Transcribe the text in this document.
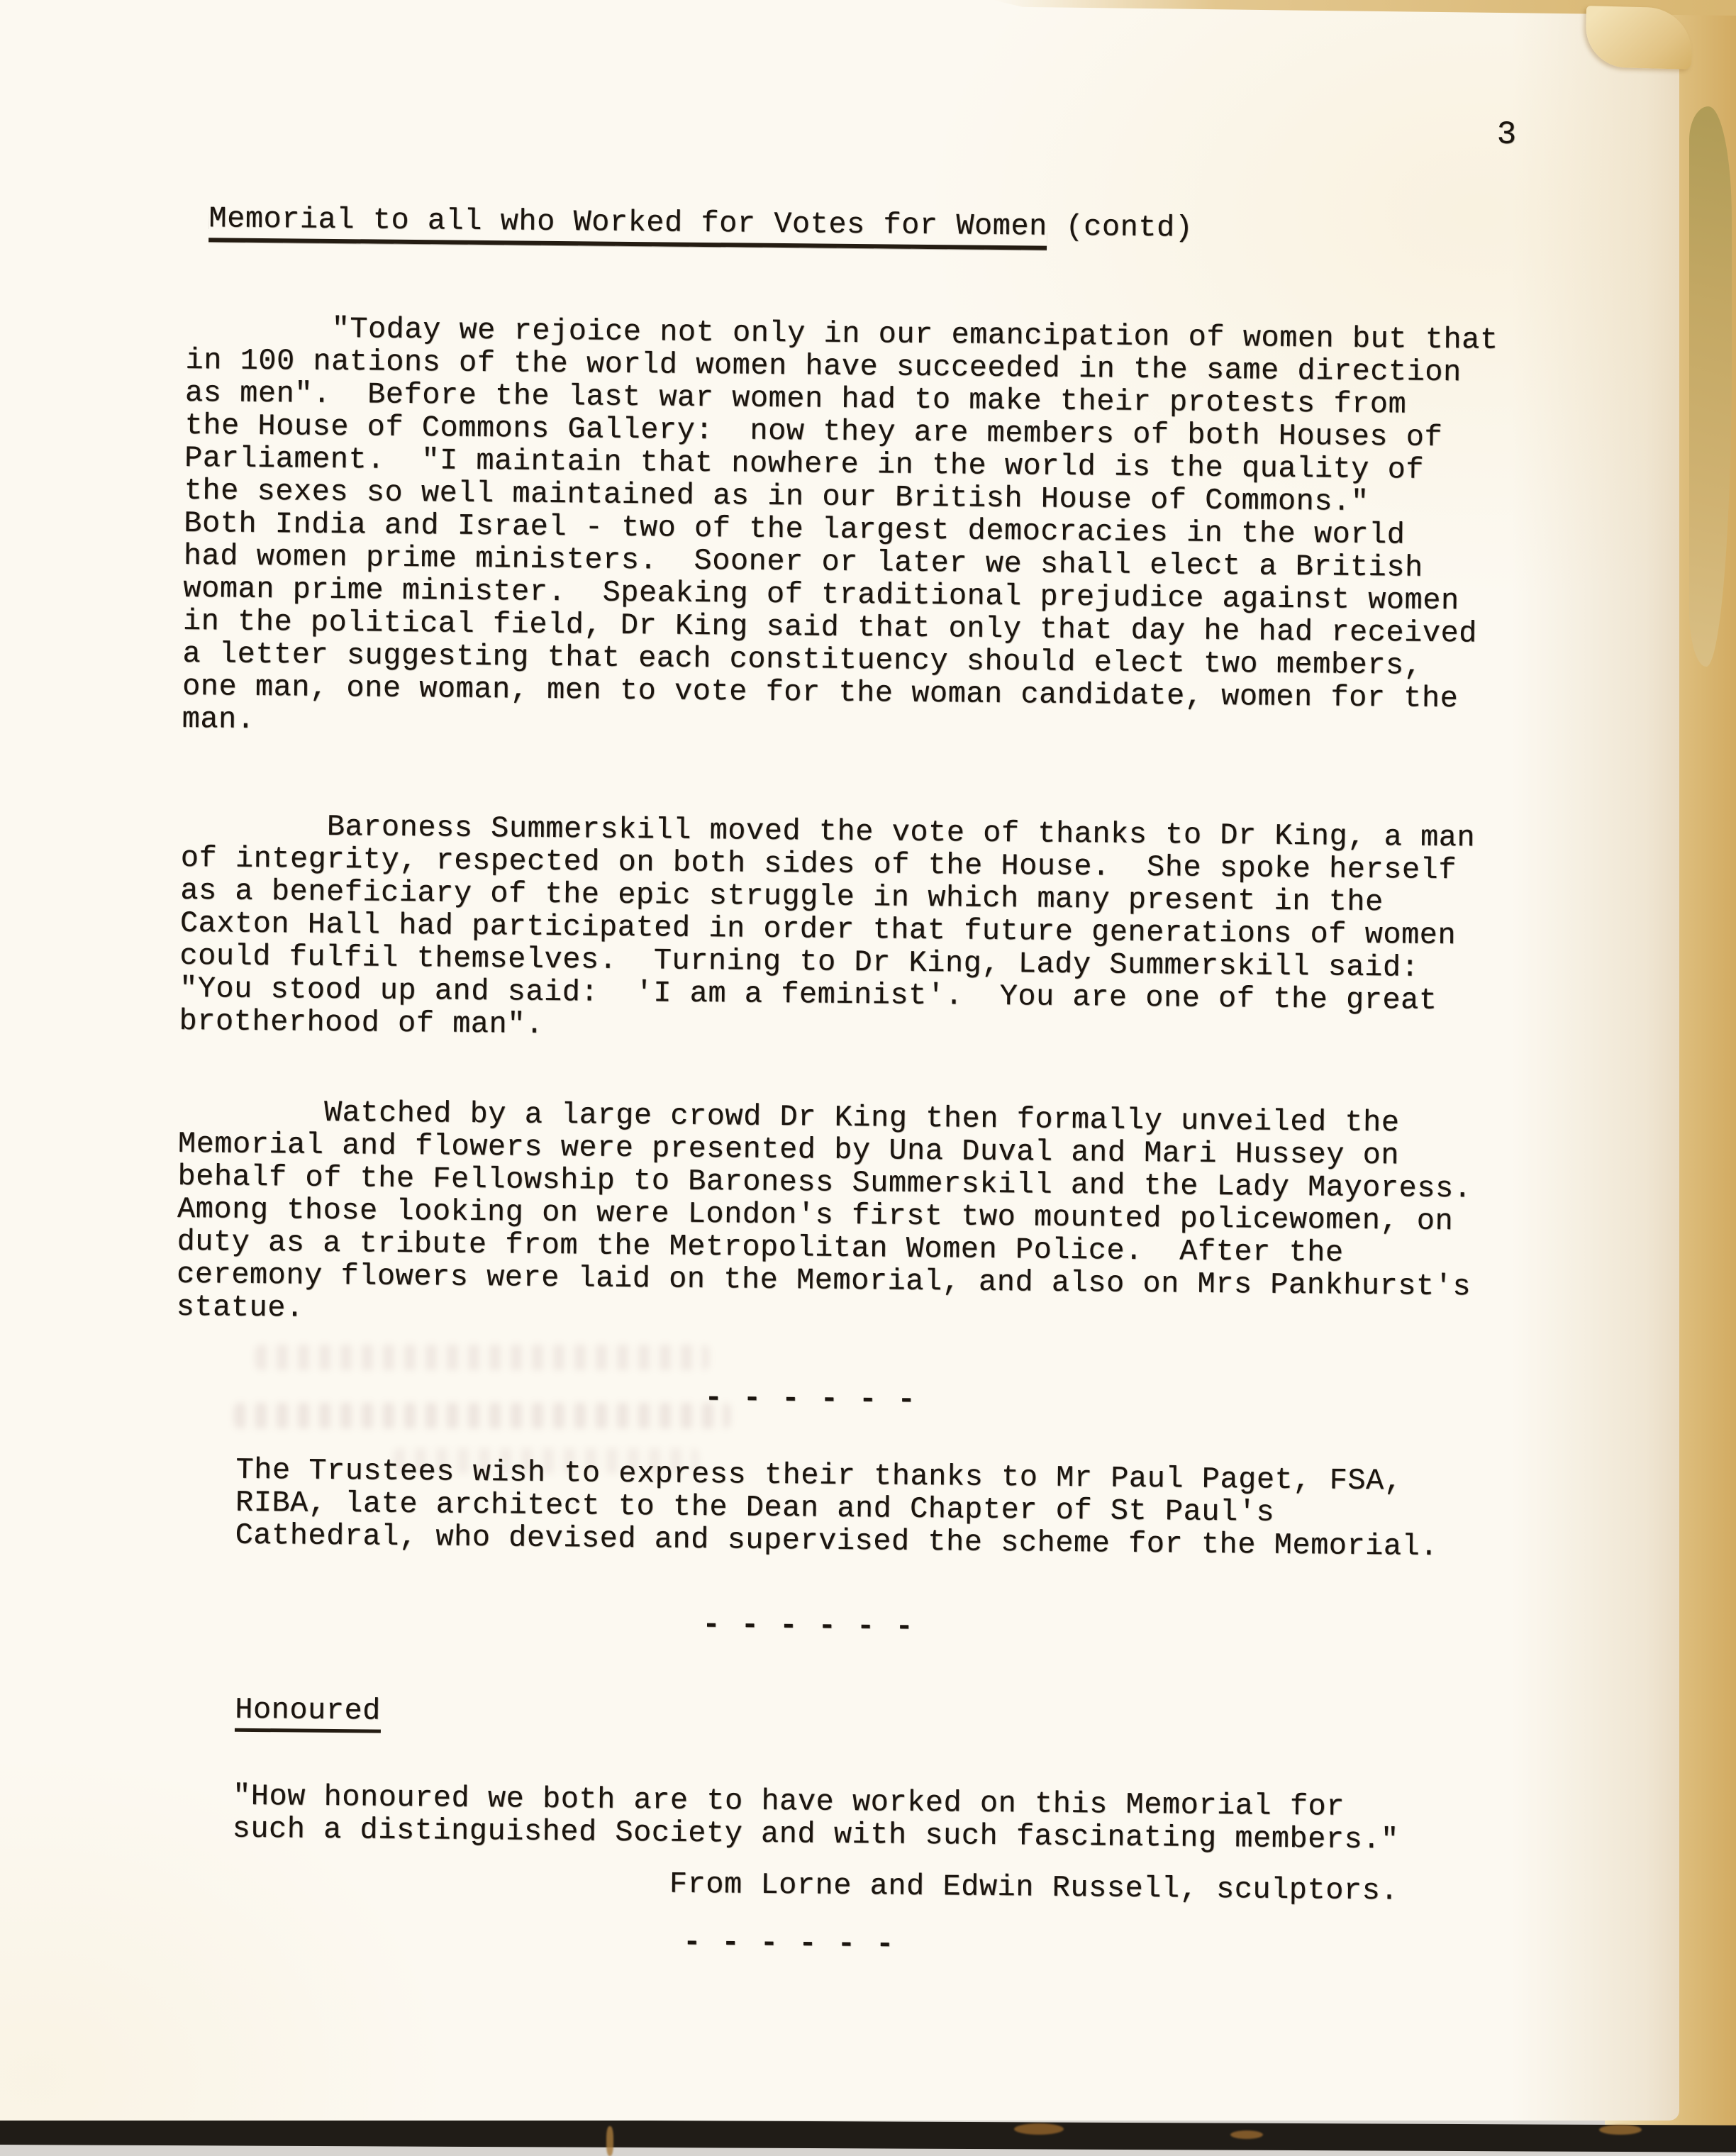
3
Memorial to all who Worked for Votes for Women (contd)
"Today we rejoice not only in our emancipation of women but that
in 100 nations of the world women have succeeded in the same direction
as men".  Before the last war women had to make their protests from
the House of Commons Gallery:  now they are members of both Houses of
Parliament.  "I maintain that nowhere in the world is the quality of
the sexes so well maintained as in our British House of Commons."
Both India and Israel - two of the largest democracies in the world
had women prime ministers.  Sooner or later we shall elect a British
woman prime minister.  Speaking of traditional prejudice against women
in the political field, Dr King said that only that day he had received
a letter suggesting that each constituency should elect two members,
one man, one woman, men to vote for the woman candidate, women for the
man.
Baroness Summerskill moved the vote of thanks to Dr King, a man
of integrity, respected on both sides of the House.  She spoke herself
as a beneficiary of the epic struggle in which many present in the
Caxton Hall had participated in order that future generations of women
could fulfil themselves.  Turning to Dr King, Lady Summerskill said:
"You stood up and said:  'I am a feminist'.  You are one of the great
brotherhood of man".
Watched by a large crowd Dr King then formally unveiled the
Memorial and flowers were presented by Una Duval and Mari Hussey on
behalf of the Fellowship to Baroness Summerskill and the Lady Mayoress.
Among those looking on were London's first two mounted policewomen, on
duty as a tribute from the Metropolitan Women Police.  After the
ceremony flowers were laid on the Memorial, and also on Mrs Pankhurst's
statue.
- - - - - -
The Trustees wish to express their thanks to Mr Paul Paget, FSA,
RIBA, late architect to the Dean and Chapter of St Paul's
Cathedral, who devised and supervised the scheme for the Memorial.
- - - - - -
Honoured
"How honoured we both are to have worked on this Memorial for
such a distinguished Society and with such fascinating members."
From Lorne and Edwin Russell, sculptors.
- - - - - -
